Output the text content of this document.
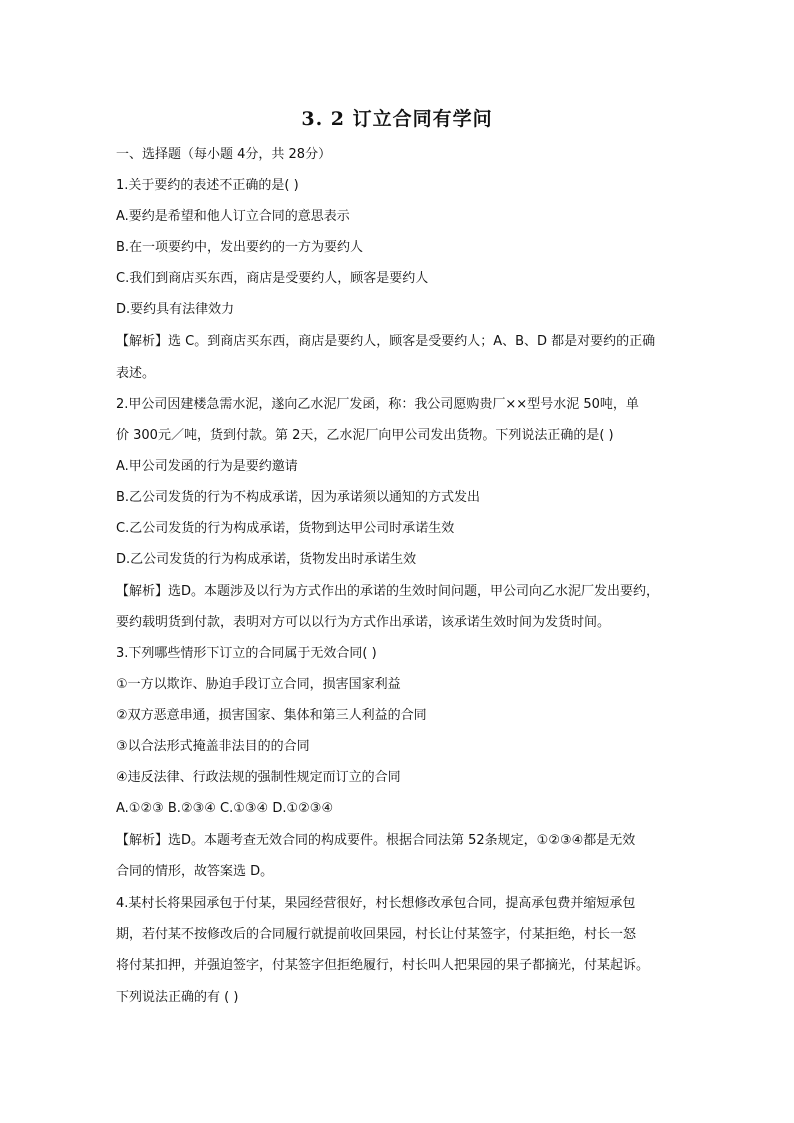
3. 2 订立合同有学问
一、选择题（每小题 4分，共 28分）
1.关于要约的表述不正确的是( )
A.要约是希望和他人订立合同的意思表示
B.在一项要约中，发出要约的一方为要约人
C.我们到商店买东西，商店是受要约人，顾客是要约人
D.要约具有法律效力
【解析】选 C。到商店买东西，商店是要约人，顾客是受要约人；A、B、D 都是对要约的正确
表述。
2.甲公司因建楼急需水泥，遂向乙水泥厂发函，称：我公司愿购贵厂××型号水泥 50吨，单
价 300元／吨，货到付款。第 2天，乙水泥厂向甲公司发出货物。下列说法正确的是( )
A.甲公司发函的行为是要约邀请
B.乙公司发货的行为不构成承诺，因为承诺须以通知的方式发出
C.乙公司发货的行为构成承诺，货物到达甲公司时承诺生效
D.乙公司发货的行为构成承诺，货物发出时承诺生效
【解析】选D。本题涉及以行为方式作出的承诺的生效时间问题，甲公司向乙水泥厂发出要约，
要约载明货到付款，表明对方可以以行为方式作出承诺，该承诺生效时间为发货时间。
3.下列哪些情形下订立的合同属于无效合同( )
①一方以欺诈、胁迫手段订立合同，损害国家利益
②双方恶意串通，损害国家、集体和第三人利益的合同
③以合法形式掩盖非法目的的合同
④违反法律、行政法规的强制性规定而订立的合同
A.①②③ B.②③④ C.①③④ D.①②③④
【解析】选D。本题考查无效合同的构成要件。根据合同法第 52条规定，①②③④都是无效
合同的情形，故答案选 D。
4.某村长将果园承包于付某，果园经营很好，村长想修改承包合同，提高承包费并缩短承包
期，若付某不按修改后的合同履行就提前收回果园，村长让付某签字，付某拒绝，村长一怒
将付某扣押，并强迫签字，付某签字但拒绝履行，村长叫人把果园的果子都摘光，付某起诉。
下列说法正确的有 ( )
